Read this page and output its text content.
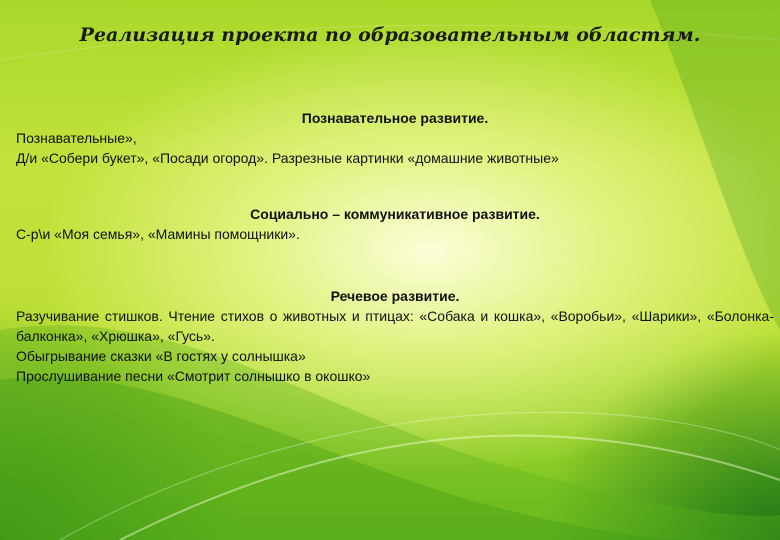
Реализация проекта по образовательным областям.

Познавательное развитие.

Познавательные»,

Д/и «Собери букет», «Посади огород». Разрезные картинки «домашние животные»

Социально – коммуникативное развитие.

С-р\и «Моя семья», «Мамины помощники».

Речевое развитие.

Разучивание стишков. Чтение стихов о животных и птицах: «Собака и кошка», «Воробьи», «Шарики», «Болонка-балконка», «Хрюшка», «Гусь».

Обыгрывание сказки «В гостях у солнышка»

Прослушивание песни «Смотрит солнышко в окошко»
